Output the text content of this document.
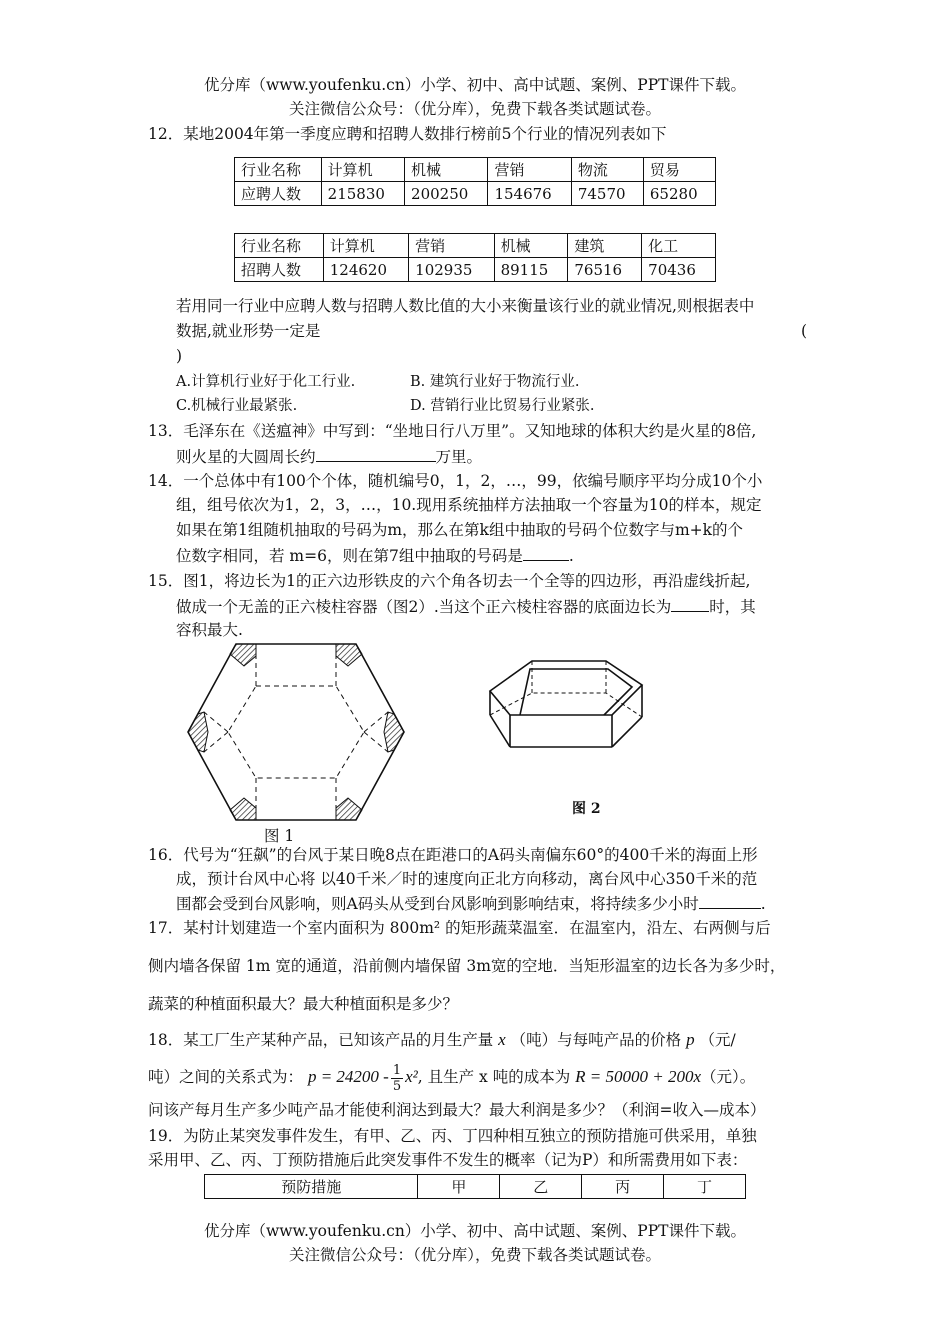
优分库（www.youfenku.cn）小学、初中、高中试题、案例、PPT课件下载。
关注微信公众号：（优分库），免费下载各类试题试卷。
12．某地2004年第一季度应聘和招聘人数排行榜前5个行业的情况列表如下
行业名称	计算机	机械	营销	物流	贸易
应聘人数	215830	200250	154676	74570	65280
行业名称	计算机	营销	机械	建筑	化工
招聘人数	124620	102935	89115	76516	70436
若用同一行业中应聘人数与招聘人数比值的大小来衡量该行业的就业情况,则根据表中
数据,就业形势一定是	(
)
A.计算机行业好于化工行业.	B. 建筑行业好于物流行业.
C.机械行业最紧张.	D. 营销行业比贸易行业紧张.
13．毛泽东在《送瘟神》中写到：“坐地日行八万里”。又知地球的体积大约是火星的8倍,
则火星的大圆周长约	万里。
14．一个总体中有100个个体，随机编号0，1，2，…，99，依编号顺序平均分成10个小
组，组号依次为1，2，3，…，10.现用系统抽样方法抽取一个容量为10的样本，规定
如果在第1组随机抽取的号码为m，那么在第k组中抽取的号码个位数字与m+k的个
位数字相同，若 m=6，则在第7组中抽取的号码是	.
15．图1，将边长为1的正六边形铁皮的六个角各切去一个全等的四边形，再沿虚线折起,
做成一个无盖的正六棱柱容器（图2）.当这个正六棱柱容器的底面边长为 时，其
容积最大.
图 1
图 2
16．代号为“狂飙”的台风于某日晚8点在距港口的A码头南偏东60°的400千米的海面上形
成，预计台风中心将 以40千米／时的速度向正北方向移动，离台风中心350千米的范
围都会受到台风影响，则A码头从受到台风影响到影响结束，将持续多少小时	.
17．某村计划建造一个室内面积为 800m² 的矩形蔬菜温室．在温室内，沿左、右两侧与后
侧内墙各保留 1m 宽的通道，沿前侧内墙保留 3m宽的空地．当矩形温室的边长各为多少时，
蔬菜的种植面积最大？最大种植面积是多少？
18．某工厂生产某种产品，已知该产品的月生产量 x （吨）与每吨产品的价格 p （元/
吨）之间的关系式为： $p = 24200 - \frac{1}{5} x^2$, 且生产 x 吨的成本为 R = 50000 + 200x（元）。
问该产每月生产多少吨产品才能使利润达到最大？最大利润是多少？（利润=收入—成本）
19．为防止某突发事件发生，有甲、乙、丙、丁四种相互独立的预防措施可供采用，单独
采用甲、乙、丙、丁预防措施后此突发事件不发生的概率（记为P）和所需费用如下表：
预防措施	甲	乙	丙	丁
优分库（www.youfenku.cn）小学、初中、高中试题、案例、PPT课件下载。
关注微信公众号：（优分库），免费下载各类试题试卷。
